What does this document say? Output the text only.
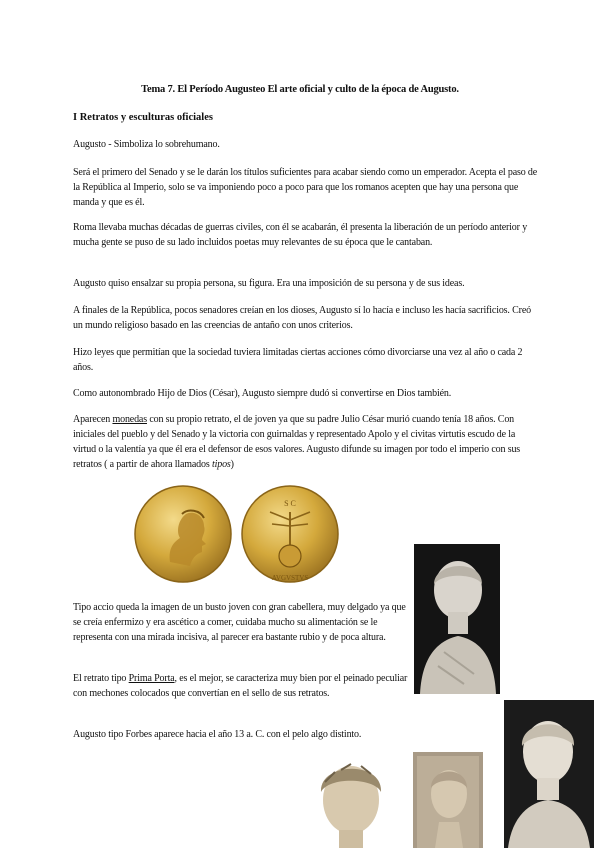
Tema 7. El Período Augusteo El arte oficial y culto de la época de Augusto.
I Retratos y esculturas oficiales

Augusto - Simboliza lo sobrehumano.

Será el primero del Senado y se le darán los títulos suficientes para acabar siendo como un emperador. Acepta el paso de la República al Imperio, solo se va imponiendo poco a poco para que los romanos acepten que hay una persona que manda y que es él.

Roma llevaba muchas décadas de guerras civiles, con él se acabarán, él presenta la liberación de un período anterior y mucha gente se puso de su lado incluidos poetas muy relevantes de su época que le cantaban.

Augusto quiso ensalzar su propia persona, su figura. Era una imposición de su persona y de sus ideas.

A finales de la República, pocos senadores creían en los dioses, Augusto sí lo hacía e incluso les hacía sacrificios. Creó un mundo religioso basado en las creencias de antaño con unos criterios.

Hizo leyes que permitían que la sociedad tuviera limitadas ciertas acciones cómo divorciarse una vez al año o cada 2 años.

Como autonombrado Hijo de Dios (César), Augusto siempre dudó si convertirse en Dios también.

Aparecen monedas con su propio retrato, el de joven ya que su padre Julio César murió cuando tenía 18 años. Con iniciales del pueblo y del Senado y la victoria con guirnaldas y representado Apolo y el civitas virtutis escudo de la virtud o la valentía ya que él era el defensor de esos valores. Augusto difunde su imagen por todo el imperio con sus retratos ( a partir de ahora llamados tipos)

S C
AVGVSTVS

Tipo accio queda la imagen de un busto joven con gran cabellera, muy delgado ya que se creía enfermizo y era ascético a comer, cuidaba mucho su alimentación se le representa con una mirada incisiva, al parecer era bastante rubio y de poca altura.

El retrato tipo Prima Porta, es el mejor, se caracteriza muy bien por el peinado peculiar con mechones colocados que convertían en el sello de sus retratos.

Augusto tipo Forbes aparece hacia el año 13 a. C. con el pelo algo distinto.
